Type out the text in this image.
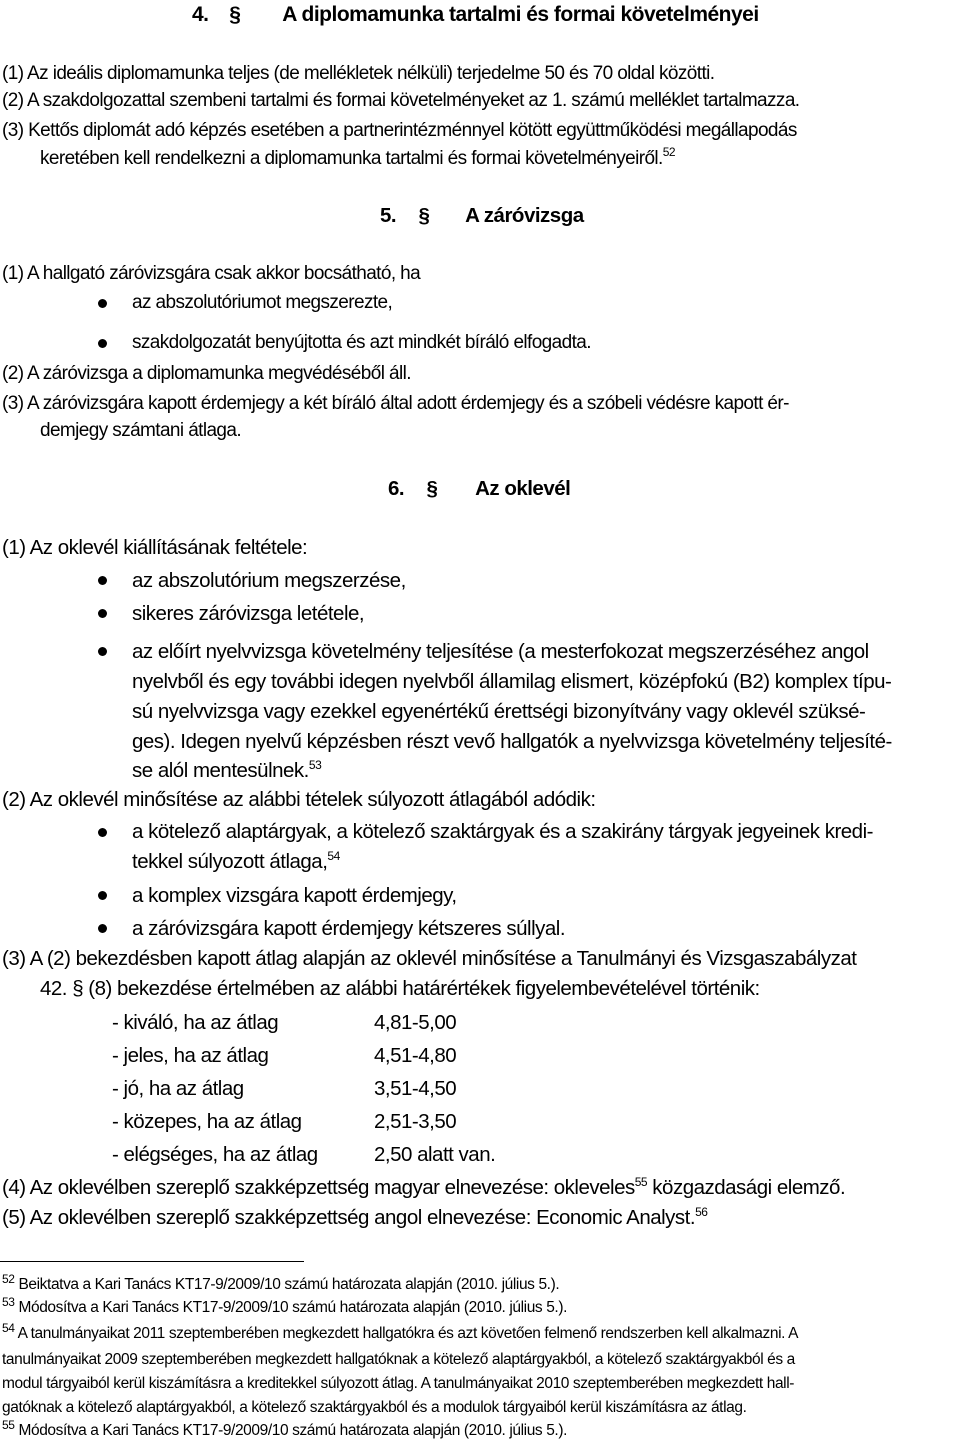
4. § A diplomamunka tartalmi és formai követelményei
(1) Az ideális diplomamunka teljes (de mellékletek nélküli) terjedelme 50 és 70 oldal közötti.
(2) A szakdolgozattal szembeni tartalmi és formai követelményeket az 1. számú melléklet tartalmazza.
(3) Kettős diplomát adó képzés esetében a partnerintézménnyel kötött együttműködési megállapodás
keretében kell rendelkezni a diplomamunka tartalmi és formai követelményeiről.$^{52}$
5. § A záróvizsga
(1) A hallgató záróvizsgára csak akkor bocsátható, ha
az abszolutóriumot megszerezte,
szakdolgozatát benyújtotta és azt mindkét bíráló elfogadta.
(2) A záróvizsga a diplomamunka megvédéséből áll.
(3) A záróvizsgára kapott érdemjegy a két bíráló által adott érdemjegy és a szóbeli védésre kapott ér-
demjegy számtani átlaga.
6. § Az oklevél
(1) Az oklevél kiállításának feltétele:
az abszolutórium megszerzése,
sikeres záróvizsga letétele,
az előírt nyelvvizsga követelmény teljesítése (a mesterfokozat megszerzéséhez angol
nyelvből és egy további idegen nyelvből államilag elismert, középfokú (B2) komplex típu-
sú nyelvvizsga vagy ezekkel egyenértékű érettségi bizonyítvány vagy oklevél szüksé-
ges). Idegen nyelvű képzésben részt vevő hallgatók a nyelvvizsga követelmény teljesíté-
se alól mentesülnek.$^{53}$
(2) Az oklevél minősítése az alábbi tételek súlyozott átlagából adódik:
a kötelező alaptárgyak, a kötelező szaktárgyak és a szakirány tárgyak jegyeinek kredi-
tekkel súlyozott átlaga,$^{54}$
a komplex vizsgára kapott érdemjegy,
a záróvizsgára kapott érdemjegy kétszeres súllyal.
(3) A (2) bekezdésben kapott átlag alapján az oklevél minősítése a Tanulmányi és Vizsgaszabályzat
42. § (8) bekezdése értelmében az alábbi határértékek figyelembevételével történik:
- kiváló, ha az átlag	4,81-5,00
- jeles, ha az átlag	4,51-4,80
- jó, ha az átlag	3,51-4,50
- közepes, ha az átlag	2,51-3,50
- elégséges, ha az átlag	2,50 alatt van.
(4) Az oklevélben szereplő szakképzettség magyar elnevezése: okleveles$^{55}$ közgazdasági elemző.
(5) Az oklevélben szereplő szakképzettség angol elnevezése: Economic Analyst.$^{56}$
$^{52}$ Beiktatva a Kari Tanács KT17-9/2009/10 számú határozata alapján (2010. július 5.).
$^{53}$ Módosítva a Kari Tanács KT17-9/2009/10 számú határozata alapján (2010. július 5.).
$^{54}$ A tanulmányaikat 2011 szeptemberében megkezdett hallgatókra és azt követően felmenő rendszerben kell alkalmazni. A
tanulmányaikat 2009 szeptemberében megkezdett hallgatóknak a kötelező alaptárgyakból, a kötelező szaktárgyakból és a
modul tárgyaiból kerül kiszámításra a kreditekkel súlyozott átlag. A tanulmányaikat 2010 szeptemberében megkezdett hall-
gatóknak a kötelező alaptárgyakból, a kötelező szaktárgyakból és a modulok tárgyaiból kerül kiszámításra az átlag.
$^{55}$ Módosítva a Kari Tanács KT17-9/2009/10 számú határozata alapján (2010. július 5.).
